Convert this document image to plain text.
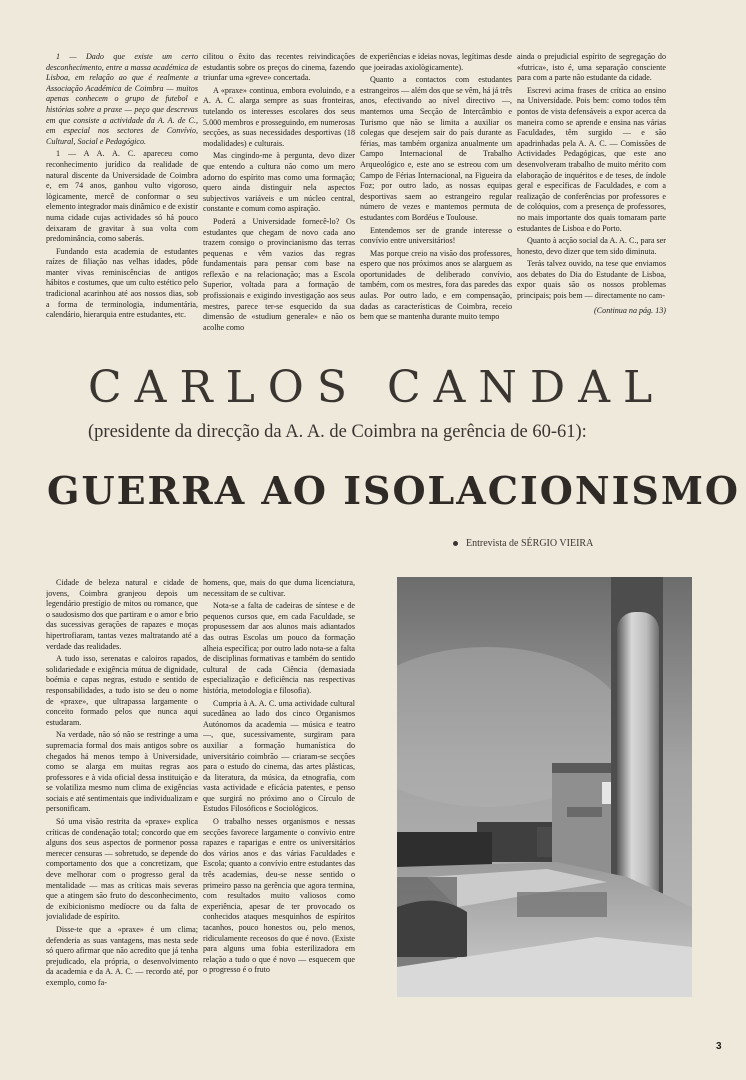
1 — Dado que existe um certo desconhecimento, entre a massa académica de Lisboa, em relação ao que é realmente a Associação Académica de Coimbra — muitos apenas conhecem o grupo de futebol e histórias sobre a praxe — peço que descrevas em que consiste a actividade da A. A. de C., em especial nos sectores de Convívio, Cultural, Social e Pedagógico.

1 — A A. A. C. apareceu como reconhecimento jurídico da realidade de natural discente da Universidade de Coimbra e, em 74 anos, ganhou vulto vigoroso, lògicamente, mercê de conformar o seu elemento integrador mais dinâmico e de existir numa cidade cujas actividades só há pouco deixaram de gravitar à sua volta com predominância, como saberás.

Fundando esta academia de estudantes raízes de filiação nas velhas idades, pôde manter vivas reminiscências de antigos hábitos e costumes, que um culto estético pelo tradicional acarinhou até aos nossos dias, sob a forma de terminologia, indumentária, calendário, hierarquia entre estudantes, etc.

cilitou o êxito das recentes reivindicações estudantis sobre os preços do cinema, fazendo triunfar uma «greve» concertada.

A «praxe» continua, embora evoluindo, e a A. A. C. alarga sempre as suas fronteiras, tutelando os interesses escolares dos seus 5.000 membros e prosseguindo, em numerosas secções, as suas necessidades desportivas (18 modalidades) e culturais.

Mas cingindo-me à pergunta, devo dizer que entendo a cultura não como um mero adorno do espírito mas como uma formação; quero ainda distinguir nela aspectos subjectivos variáveis e um núcleo central, constante e comum como aspiração.

Poderá a Universidade fornecê-lo? Os estudantes que chegam de novo cada ano trazem consigo o provincianismo das terras pequenas e vêm vazios das regras fundamentais para pensar com base na reflexão e na relacionação; mas a Escola Superior, voltada para a formação de profissionais e exigindo investigação aos seus mestres, parece ter-se esquecido da sua dimensão de «studium generale» e não os acolhe como

de experiências e ideias novas, legítimas desde que joeiradas axiològicamente).

Quanto a contactos com estudantes estrangeiros — além dos que se vêm, há já três anos, efectivando ao nível directivo —, mantemos uma Secção de Intercâmbio e Turismo que não se limita a auxiliar os colegas que desejem sair do país durante as férias, mas também organiza anualmente um Campo Internacional de Trabalho Arqueológico e, este ano se estreou com um Campo de Férias Internacional, na Figueira da Foz; por outro lado, as nossas equipas desportivas saem ao estrangeiro regular número de vezes e mantemos permuta de estudantes com Bordéus e Toulouse.

Entendemos ser de grande interesse o convívio entre universitários!

Mas porque creio na visão dos professores, espero que nos próximos anos se alarguem as oportunidades de deliberado convívio, também, com os mestres, fora das paredes das aulas. Por outro lado, e em compensação, dadas as características de Coimbra, receio bem que se mantenha durante muito tempo

ainda o prejudicial espírito de segregação do «futrica», isto é, uma separação consciente para com a parte não estudante da cidade.

Escrevi acima frases de crítica ao ensino na Universidade. Pois bem: como todos têm pontos de vista defensáveis a expor acerca da maneira como se aprende e ensina nas várias Faculdades, têm surgido — e são apadrinhadas pela A. A. C. — Comissões de Actividades Pedagógicas, que este ano desenvolveram trabalho de muito mérito com elaboração de inquéritos e de teses, de índole geral e específicas de Faculdades, e com a realização de conferências por professores e de colóquios, com a presença de professores, no mais importante dos quais tomaram parte estudantes de Lisboa e do Porto.

Quanto à acção social da A. A. C., para ser honesto, devo dizer que tem sido diminuta.

Terás talvez ouvido, na tese que enviamos aos debates do Dia do Estudante de Lisboa, expor quais são os nossos problemas principais; pois bem — directamente no cam-

(Continua na pág. 13)
CARLOS CANDAL
(presidente da direcção da A. A. de Coimbra na gerência de 60-61):
GUERRA AO ISOLACIONISMO
Entrevista de SÉRGIO VIEIRA

Cidade de beleza natural e cidade de jovens, Coimbra granjeou depois um legendário prestígio de mitos ou romance, que o saudosismo dos que partiram e o amor e brio das sucessivas gerações de rapazes e moças hipertrofiaram, tantas vezes maltratando até a verdade das realidades.

A tudo isso, serenatas e caloiros rapados, solidariedade e exigência mútua de dignidade, boémia e capas negras, estudo e sentido de responsabilidades, a tudo isto se deu o nome de «praxe», que ultrapassa largamente o conceito formado pelos que nunca aqui estudaram.

Na verdade, não só não se restringe a uma supremacia formal dos mais antigos sobre os chegados há menos tempo à Universidade, como se alarga em muitas regras aos professores e à vida oficial dessa instituição e se volatiliza mesmo num clima de exigências sociais e até sentimentais que individualizam e personificam.

Só uma visão restrita da «praxe» explica críticas de condenação total; concordo que em alguns dos seus aspectos de pormenor possa merecer censuras — sobretudo, se depende do comportamento dos que a concretizam, que deve melhorar com o progresso geral da mentalidade — mas as críticas mais severas que a atingem são fruto do desconhecimento, de exibicionismo medíocre ou da falta de jovialidade de espírito.

Disse-te que a «praxe» é um clima; defenderia as suas vantagens, mas nesta sede só quero afirmar que não acredito que já tenha prejudicado, ela própria, o desenvolvimento da academia e da A. A. C. — recordo até, por exemplo, como fa-

homens, que, mais do que duma licenciatura, necessitam de se cultivar.

Nota-se a falta de cadeiras de síntese e de pequenos cursos que, em cada Faculdade, se propusessem dar aos alunos mais adiantados das outras Escolas um pouco da formação alheia específica; por outro lado nota-se a falta de disciplinas formativas e também do sentido cultural de cada Ciência (demasiada especialização e deficiência nas respectivas história, metodologia e filosofia).

Cumpria à A. A. C. uma actividade cultural sucedânea ao lado dos cinco Organismos Autónomos da academia — música e teatro —, que, sucessivamente, surgiram para auxiliar a formação humanística do universitário coimbrão — criaram-se secções para o estudo do cinema, das artes plásticas, da literatura, da música, da etnografia, com vasta actividade e eficácia patentes, e penso que surgirá no próximo ano o Círculo de Estudos Filosóficos e Sociológicos.

O trabalho nesses organismos e nessas secções favorece largamente o convívio entre rapazes e raparigas e entre os universitários dos vários anos e das várias Faculdades e Escola; quanto a convívio entre estudantes das três academias, deu-se nesse sentido o primeiro passo na gerência que agora termina, com resultados muito valiosos como experiência, apesar de ter provocado os conhecidos ataques mesquinhos de espíritos tacanhos, pouco honestos ou, pelo menos, ridiculamente receosos do que é novo. (Existe para alguns uma fobia esterilizadora em relação a tudo o que é novo — esquecem que o progresso é o fruto

3
